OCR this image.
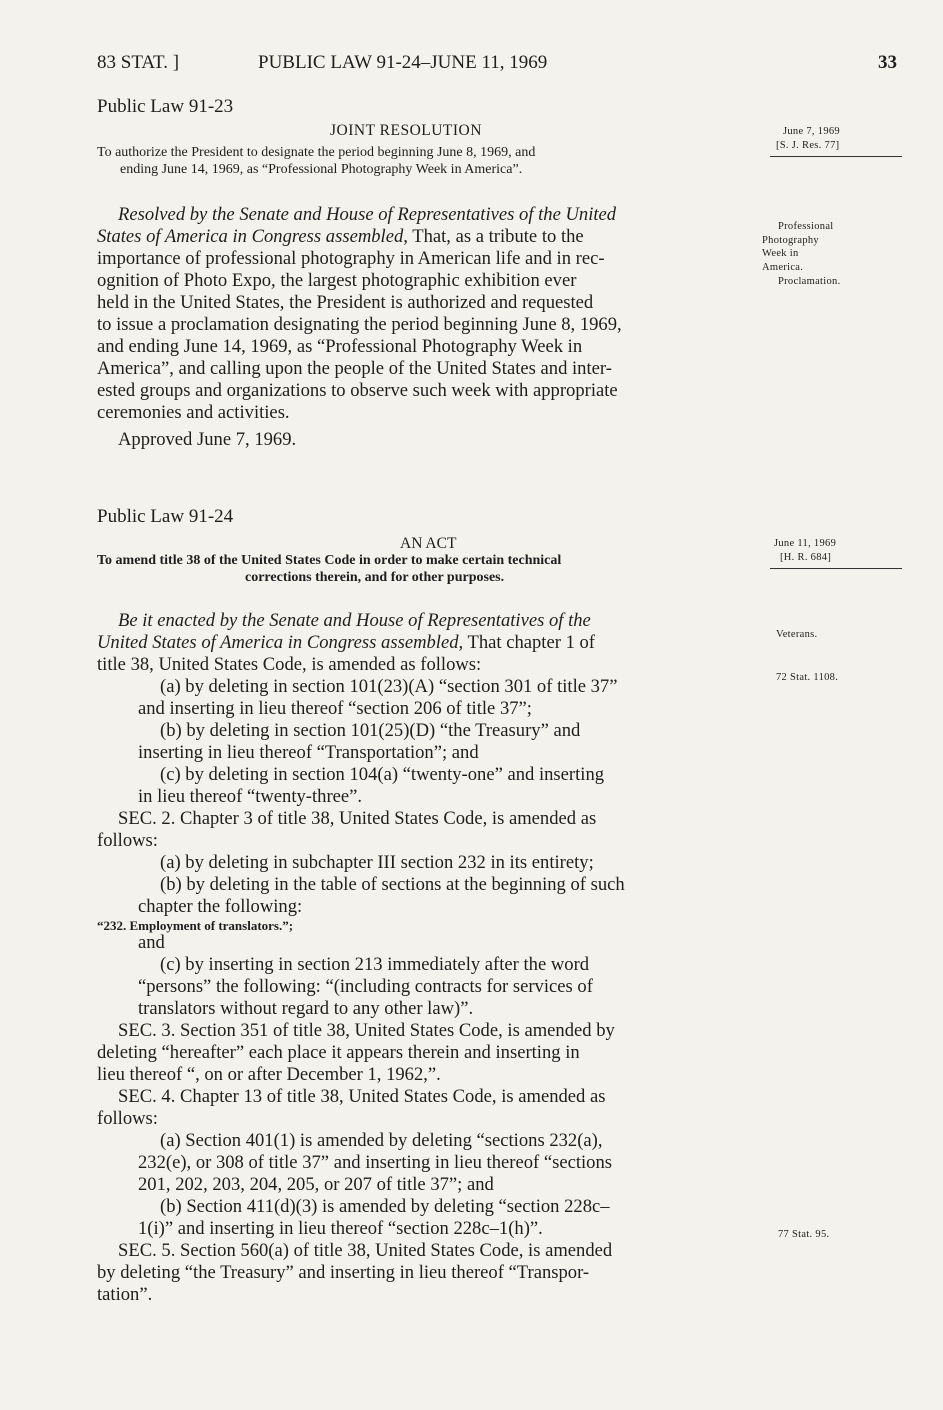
83 STAT. ]	PUBLIC LAW 91-24–JUNE 11, 1969	33
Public Law 91-23
JOINT RESOLUTION
To authorize the President to designate the period beginning June 8, 1969, and
ending June 14, 1969, as “Professional Photography Week in America”.
June 7, 1969
[S. J. Res. 77]
Professional
Photography
Week in
America.
Proclamation.
Resolved by the Senate and House of Representatives of the United
States of America in Congress assembled, That, as a tribute to the
importance of professional photography in American life and in rec-
ognition of Photo Expo, the largest photographic exhibition ever
held in the United States, the President is authorized and requested
to issue a proclamation designating the period beginning June 8, 1969,
and ending June 14, 1969, as “Professional Photography Week in
America”, and calling upon the people of the United States and inter-
ested groups and organizations to observe such week with appropriate
ceremonies and activities.
Approved June 7, 1969.
Public Law 91-24
AN ACT
To amend title 38 of the United States Code in order to make certain technical
corrections therein, and for other purposes.
June 11, 1969
[H. R. 684]
Veterans.
72 Stat. 1108.
77 Stat. 95.
Be it enacted by the Senate and House of Representatives of the
United States of America in Congress assembled, That chapter 1 of
title 38, United States Code, is amended as follows:
(a) by deleting in section 101(23)(A) “section 301 of title 37”
and inserting in lieu thereof “section 206 of title 37”;
(b) by deleting in section 101(25)(D) “the Treasury” and
inserting in lieu thereof “Transportation”; and
(c) by deleting in section 104(a) “twenty-one” and inserting
in lieu thereof “twenty-three”.
SEC. 2. Chapter 3 of title 38, United States Code, is amended as
follows:
(a) by deleting in subchapter III section 232 in its entirety;
(b) by deleting in the table of sections at the beginning of such
chapter the following:
“232. Employment of translators.”;
and
(c) by inserting in section 213 immediately after the word
“persons” the following: “(including contracts for services of
translators without regard to any other law)”.
SEC. 3. Section 351 of title 38, United States Code, is amended by
deleting “hereafter” each place it appears therein and inserting in
lieu thereof “, on or after December 1, 1962,”.
SEC. 4. Chapter 13 of title 38, United States Code, is amended as
follows:
(a) Section 401(1) is amended by deleting “sections 232(a),
232(e), or 308 of title 37” and inserting in lieu thereof “sections
201, 202, 203, 204, 205, or 207 of title 37”; and
(b) Section 411(d)(3) is amended by deleting “section 228c–
1(i)” and inserting in lieu thereof “section 228c–1(h)”.
SEC. 5. Section 560(a) of title 38, United States Code, is amended
by deleting “the Treasury” and inserting in lieu thereof “Transpor-
tation”.
